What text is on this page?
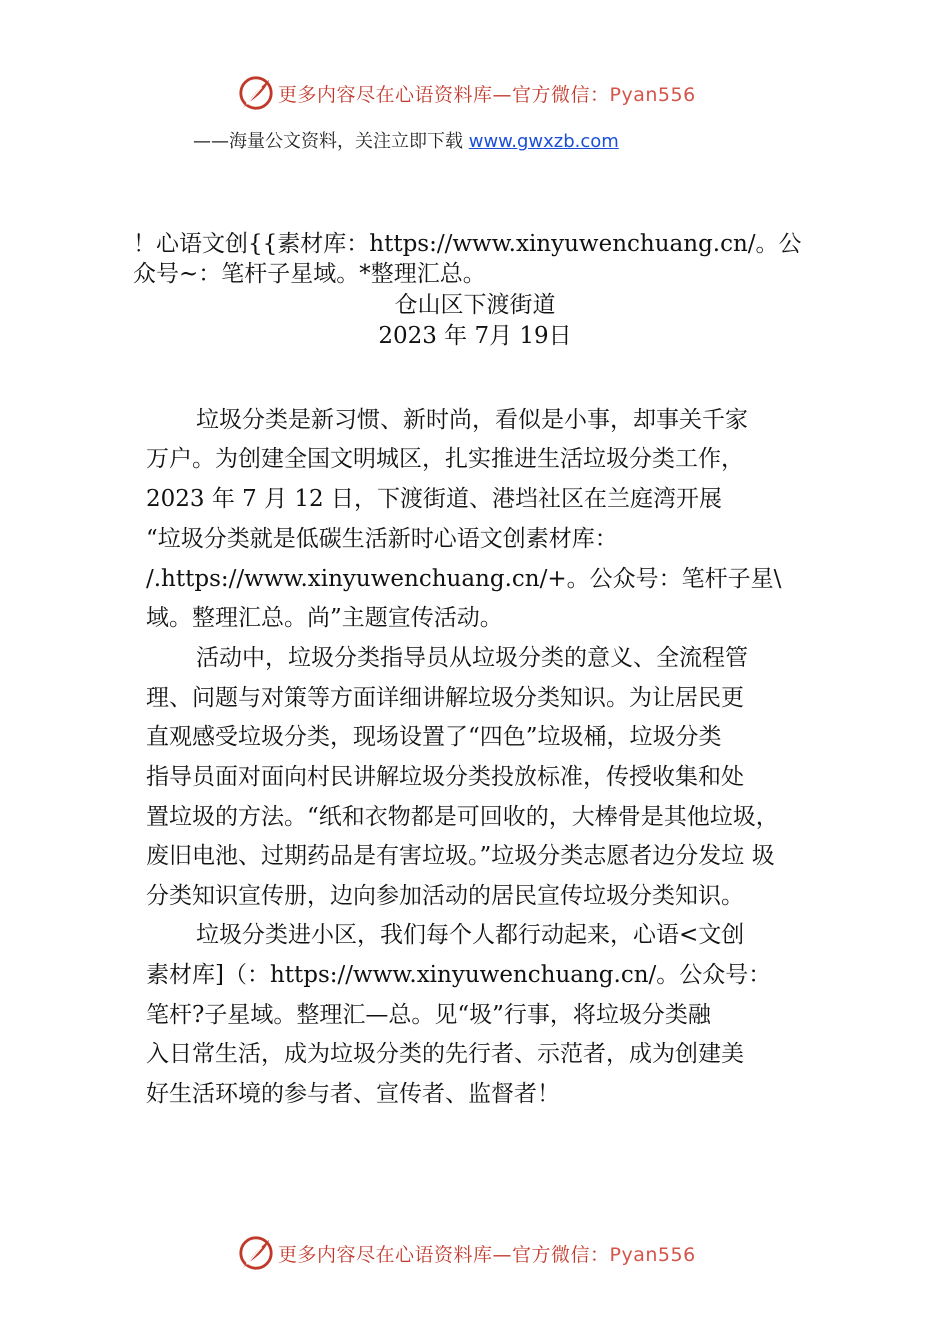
更多内容尽在心语资料库—官方微信：Pyan556
——海量公文资料，关注立即下载 www.gwxzb.com
！心语文创{{素材库：https://www.xinyuwenchuang.cn/。公
众号~：笔杆子星域。*整理汇总。
仓山区下渡街道
2023 年 7月 19日
垃圾分类是新习惯、新时尚，看似是小事，却事关千家
万户。为创建全国文明城区，扎实推进生活垃圾分类工作，
2023 年 7 月 12 日，下渡街道、港垱社区在兰庭湾开展
“垃圾分类就是低碳生活新时心语文创素材库：
/.https://www.xinyuwenchuang.cn/+。公众号：笔杆子星\
域。整理汇总。尚”主题宣传活动。
活动中，垃圾分类指导员从垃圾分类的意义、全流程管
理、问题与对策等方面详细讲解垃圾分类知识。为让居民更
直观感受垃圾分类，现场设置了“四色”垃圾桶，垃圾分类
指导员面对面向村民讲解垃圾分类投放标准，传授收集和处
置垃圾的方法。“纸和衣物都是可回收的，大棒骨是其他垃圾，
废旧电池、过期药品是有害垃圾。”垃圾分类志愿者边分发垃 圾
分类知识宣传册，边向参加活动的居民宣传垃圾分类知识。
垃圾分类进小区，我们每个人都行动起来，心语<文创
素材库]（：https://www.xinyuwenchuang.cn/。公众号：
笔杆?子星域。整理汇—总。见“圾”行事，将垃圾分类融
入日常生活，成为垃圾分类的先行者、示范者，成为创建美
好生活环境的参与者、宣传者、监督者！
更多内容尽在心语资料库—官方微信：Pyan556
